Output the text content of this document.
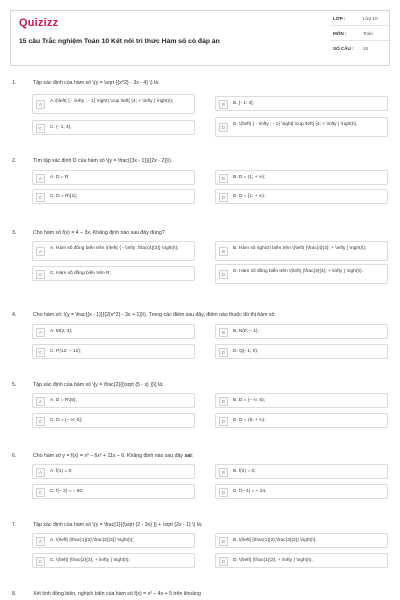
Quizizz
15 câu Trắc nghiệm Toán 10 Kết nối tri thức Hàm số có đáp án
LỚP :	Lớp 10
MÔN :	Toán
SỐ CÂU : 15
1.	Tập xác định của hàm số \(y = \sqrt {{x^2} - 3x - 4} \) là:
A
A.\(\left( { - \infty ; - 1} \right) \cup \left( {4; + \infty } \right)\);
B	B. [- 1; 4];
C	C. (- 1; 4);	D
D. \(\left( { - \infty ; - 1} \right] \cup \left[ {4; + \infty } \right)\).
2.	Tìm tập xác định D của hàm số \(y = \frac{{3x - 1}}{{2x - 2}}\).
A	A. D = R;	B	B. D = (1; + ∞);
C	C. D = R\{1};	D	D. D = [1; + ∞).
3.	Cho hàm số f(x) = 4 – 3x. Khẳng định nào sau đây đúng?
A
A. Hàm số đồng biến trên \(\left( { - \infty ;\frac{4}{3}} \right)\);
B
B. Hàm số nghịch biến trên \(\left( {\frac{4}{3}; + \infty } \right)\);
C	C. Hàm số đồng biến trên R;	D
D. Hàm số đồng biến trên \(\left( {\frac{3}{4}; + \infty } \right)\).
4.	Cho hàm số: \(y = \frac{{x - 1}}{{2{x^2} - 3x + 1}}\). Trong các điểm sau đây, điểm nào thuộc đồ thị hàm số:
A	A. M(2; 3);	B	B. N(0; – 1);
C	C. P(12; – 12);	D	D. Q(- 1; 0).
5.	Tập xác định của hàm số \[y = \frac{2}{{\sqrt {5 - x} }}\] là:
A	A. D = R\{5};	B	B. D = (– ∞; 5);
C	C. D = (– ∞; 5];	D	D. D = (5; + ∞).
6.	Cho hàm số y = f(x) = x³ – 6x² + 11x – 6. Khẳng định nào sau đây sai:
A	A. f(1) = 0;	B	B. f(2) = 0;
C	C. f(– 2) = – 60;	D	D. f(– 4) = – 24.
7.	Tập xác định của hàm số \(y = \frac{1}{{\sqrt {2 - 3x} }} + \sqrt {2x - 1} \) là:
A	A. \(\left[ {\frac{1}{2};\frac{2}{3}} \right)\);	B	B. \(\left[ {\frac{1}{2};\frac{3}{2}} \right)\);
C	C. \(\left[ {\frac{2}{3}; + \infty } \right)\);	D	D. \(\left[ {\frac{1}{2}; + \infty } \right)\).
8.	Xét tính đồng biến, nghịch biến của hàm số f(x) = x² – 4x + 5 trên khoảng
